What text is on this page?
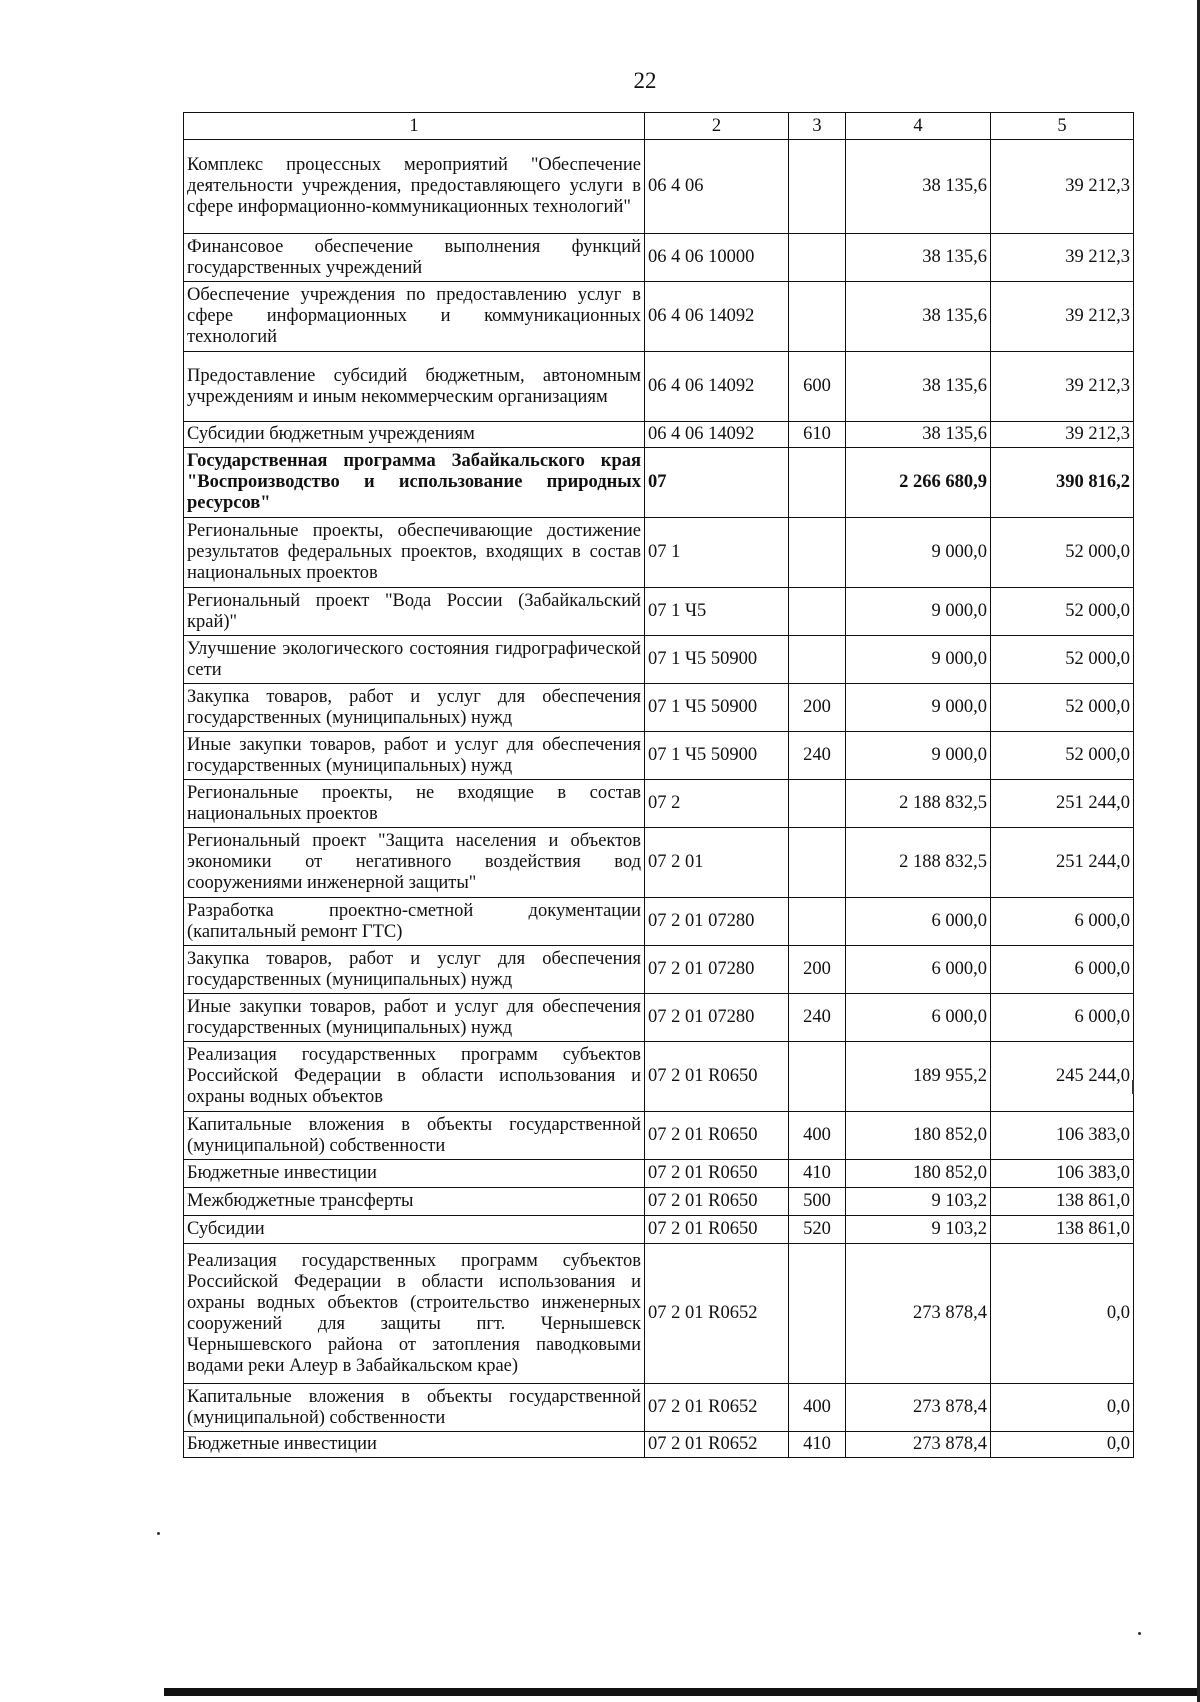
22
1	2	3	4	5
Комплекс процессных мероприятий "Обеспечение деятельности учреждения, предоставляющего услуги в сфере информационно-коммуникационных технологий"	06 4 06		38 135,6	39 212,3
Финансовое обеспечение выполнения функций государственных учреждений	06 4 06 10000		38 135,6	39 212,3
Обеспечение учреждения по предоставлению услуг в сфере информационных и коммуникационных технологий	06 4 06 14092		38 135,6	39 212,3
Предоставление субсидий бюджетным, автономным учреждениям и иным некоммерческим организациям	06 4 06 14092	600	38 135,6	39 212,3
Субсидии бюджетным учреждениям	06 4 06 14092	610	38 135,6	39 212,3
Государственная программа Забайкальского края "Воспроизводство и использование природных ресурсов"	07		2 266 680,9	390 816,2
Региональные проекты, обеспечивающие достижение результатов федеральных проектов, входящих в состав национальных проектов	07 1		9 000,0	52 000,0
Региональный проект "Вода России (Забайкальский край)"	07 1 Ч5		9 000,0	52 000,0
Улучшение экологического состояния гидрографической сети	07 1 Ч5 50900		9 000,0	52 000,0
Закупка товаров, работ и услуг для обеспечения государственных (муниципальных) нужд	07 1 Ч5 50900	200	9 000,0	52 000,0
Иные закупки товаров, работ и услуг для обеспечения государственных (муниципальных) нужд	07 1 Ч5 50900	240	9 000,0	52 000,0
Региональные проекты, не входящие в состав национальных проектов	07 2		2 188 832,5	251 244,0
Региональный проект "Защита населения и объектов экономики от негативного воздействия вод сооружениями инженерной защиты"	07 2 01		2 188 832,5	251 244,0
Разработка проектно-сметной документации (капитальный ремонт ГТС)	07 2 01 07280		6 000,0	6 000,0
Закупка товаров, работ и услуг для обеспечения государственных (муниципальных) нужд	07 2 01 07280	200	6 000,0	6 000,0
Иные закупки товаров, работ и услуг для обеспечения государственных (муниципальных) нужд	07 2 01 07280	240	6 000,0	6 000,0
Реализация государственных программ субъектов Российской Федерации в области использования и охраны водных объектов	07 2 01 R0650		189 955,2	245 244,0
Капитальные вложения в объекты государственной (муниципальной) собственности	07 2 01 R0650	400	180 852,0	106 383,0
Бюджетные инвестиции	07 2 01 R0650	410	180 852,0	106 383,0
Межбюджетные трансферты	07 2 01 R0650	500	9 103,2	138 861,0
Субсидии	07 2 01 R0650	520	9 103,2	138 861,0
Реализация государственных программ субъектов Российской Федерации в области использования и охраны водных объектов (строительство инженерных сооружений для защиты пгт. Чернышевск Чернышевского района от затопления паводковыми водами реки Алеур в Забайкальском крае)	07 2 01 R0652		273 878,4	0,0
Капитальные вложения в объекты государственной (муниципальной) собственности	07 2 01 R0652	400	273 878,4	0,0
Бюджетные инвестиции	07 2 01 R0652	410	273 878,4	0,0
